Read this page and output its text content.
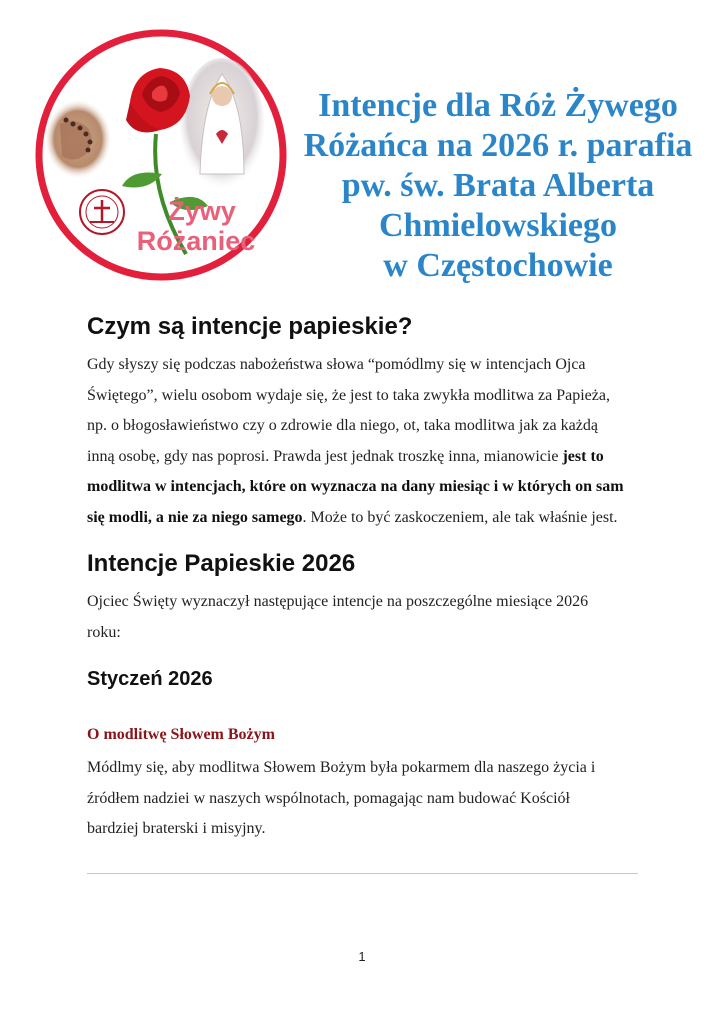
Żywy
Różaniec
Intencje dla Róż Żywego
Różańca na 2026 r. parafia
pw. św. Brata Alberta
Chmielowskiego
w Częstochowie
Czym są intencje papieskie?

Gdy słyszy się podczas nabożeństwa słowa “pomódlmy się w intencjach Ojca
Świętego”, wielu osobom wydaje się, że jest to taka zwykła modlitwa za Papieża,
np. o błogosławieństwo czy o zdrowie dla niego, ot, taka modlitwa jak za każdą
inną osobę, gdy nas poprosi. Prawda jest jednak troszkę inna, mianowicie jest to
modlitwa w intencjach, które on wyznacza na dany miesiąc i w których on sam
się modli, a nie za niego samego. Może to być zaskoczeniem, ale tak właśnie jest.

Intencje Papieskie 2026

Ojciec Święty wyznaczył następujące intencje na poszczególne miesiące 2026
roku:

Styczeń 2026

O modlitwę Słowem Bożym

Módlmy się, aby modlitwa Słowem Bożym była pokarmem dla naszego życia i
źródłem nadziei w naszych wspólnotach, pomagając nam budować Kościół
bardziej braterski i misyjny.

1
